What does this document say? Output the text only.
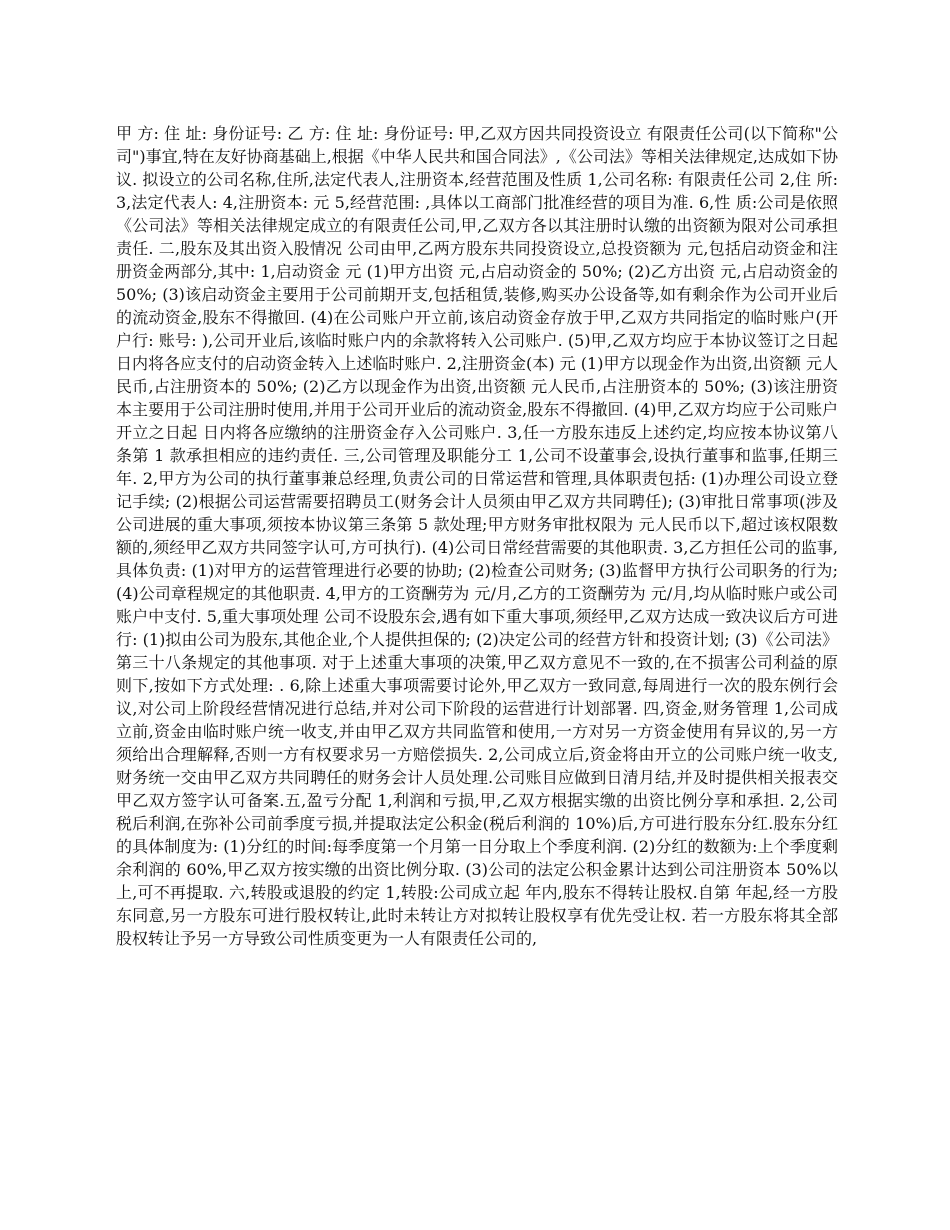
甲 方: 住 址: 身份证号: 乙 方: 住 址: 身份证号: 甲,乙双方因共同投资设立 有限责任公司(以下简称"公司")事宜,特在友好协商基础上,根据《中华人民共和国合同法》,《公司法》等相关法律规定,达成如下协议. 拟设立的公司名称,住所,法定代表人,注册资本,经营范围及性质 1,公司名称: 有限责任公司 2,住 所: 3,法定代表人: 4,注册资本: 元 5,经营范围: ,具体以工商部门批准经营的项目为准. 6,性 质:公司是依照《公司法》等相关法律规定成立的有限责任公司,甲,乙双方各以其注册时认缴的出资额为限对公司承担责任. 二,股东及其出资入股情况 公司由甲,乙两方股东共同投资设立,总投资额为 元,包括启动资金和注册资金两部分,其中: 1,启动资金 元 (1)甲方出资 元,占启动资金的 50%; (2)乙方出资 元,占启动资金的 50%; (3)该启动资金主要用于公司前期开支,包括租赁,装修,购买办公设备等,如有剩余作为公司开业后的流动资金,股东不得撤回. (4)在公司账户开立前,该启动资金存放于甲,乙双方共同指定的临时账户(开户行: 账号: ),公司开业后,该临时账户内的余款将转入公司账户. (5)甲,乙双方均应于本协议签订之日起 日内将各应支付的启动资金转入上述临时账户. 2,注册资金(本) 元 (1)甲方以现金作为出资,出资额 元人民币,占注册资本的 50%; (2)乙方以现金作为出资,出资额 元人民币,占注册资本的 50%; (3)该注册资本主要用于公司注册时使用,并用于公司开业后的流动资金,股东不得撤回. (4)甲,乙双方均应于公司账户开立之日起 日内将各应缴纳的注册资金存入公司账户. 3,任一方股东违反上述约定,均应按本协议第八条第 1 款承担相应的违约责任. 三,公司管理及职能分工 1,公司不设董事会,设执行董事和监事,任期三年. 2,甲方为公司的执行董事兼总经理,负责公司的日常运营和管理,具体职责包括: (1)办理公司设立登记手续; (2)根据公司运营需要招聘员工(财务会计人员须由甲乙双方共同聘任); (3)审批日常事项(涉及公司进展的重大事项,须按本协议第三条第 5 款处理;甲方财务审批权限为 元人民币以下,超过该权限数额的,须经甲乙双方共同签字认可,方可执行). (4)公司日常经营需要的其他职责. 3,乙方担任公司的监事,具体负责: (1)对甲方的运营管理进行必要的协助; (2)检查公司财务; (3)监督甲方执行公司职务的行为; (4)公司章程规定的其他职责. 4,甲方的工资酬劳为 元/月,乙方的工资酬劳为 元/月,均从临时账户或公司账户中支付. 5,重大事项处理 公司不设股东会,遇有如下重大事项,须经甲,乙双方达成一致决议后方可进行: (1)拟由公司为股东,其他企业,个人提供担保的; (2)决定公司的经营方针和投资计划; (3)《公司法》第三十八条规定的其他事项. 对于上述重大事项的决策,甲乙双方意见不一致的,在不损害公司利益的原则下,按如下方式处理: . 6,除上述重大事项需要讨论外,甲乙双方一致同意,每周进行一次的股东例行会议,对公司上阶段经营情况进行总结,并对公司下阶段的运营进行计划部署. 四,资金,财务管理 1,公司成立前,资金由临时账户统一收支,并由甲乙双方共同监管和使用,一方对另一方资金使用有异议的,另一方须给出合理解释,否则一方有权要求另一方赔偿损失. 2,公司成立后,资金将由开立的公司账户统一收支,财务统一交由甲乙双方共同聘任的财务会计人员处理.公司账目应做到日清月结,并及时提供相关报表交甲乙双方签字认可备案.五,盈亏分配 1,利润和亏损,甲,乙双方根据实缴的出资比例分享和承担. 2,公司税后利润,在弥补公司前季度亏损,并提取法定公积金(税后利润的 10%)后,方可进行股东分红.股东分红的具体制度为: (1)分红的时间:每季度第一个月第一日分取上个季度利润. (2)分红的数额为:上个季度剩余利润的 60%,甲乙双方按实缴的出资比例分取. (3)公司的法定公积金累计达到公司注册资本 50%以上,可不再提取. 六,转股或退股的约定 1,转股:公司成立起 年内,股东不得转让股权.自第 年起,经一方股东同意,另一方股东可进行股权转让,此时未转让方对拟转让股权享有优先受让权. 若一方股东将其全部股权转让予另一方导致公司性质变更为一人有限责任公司的,
